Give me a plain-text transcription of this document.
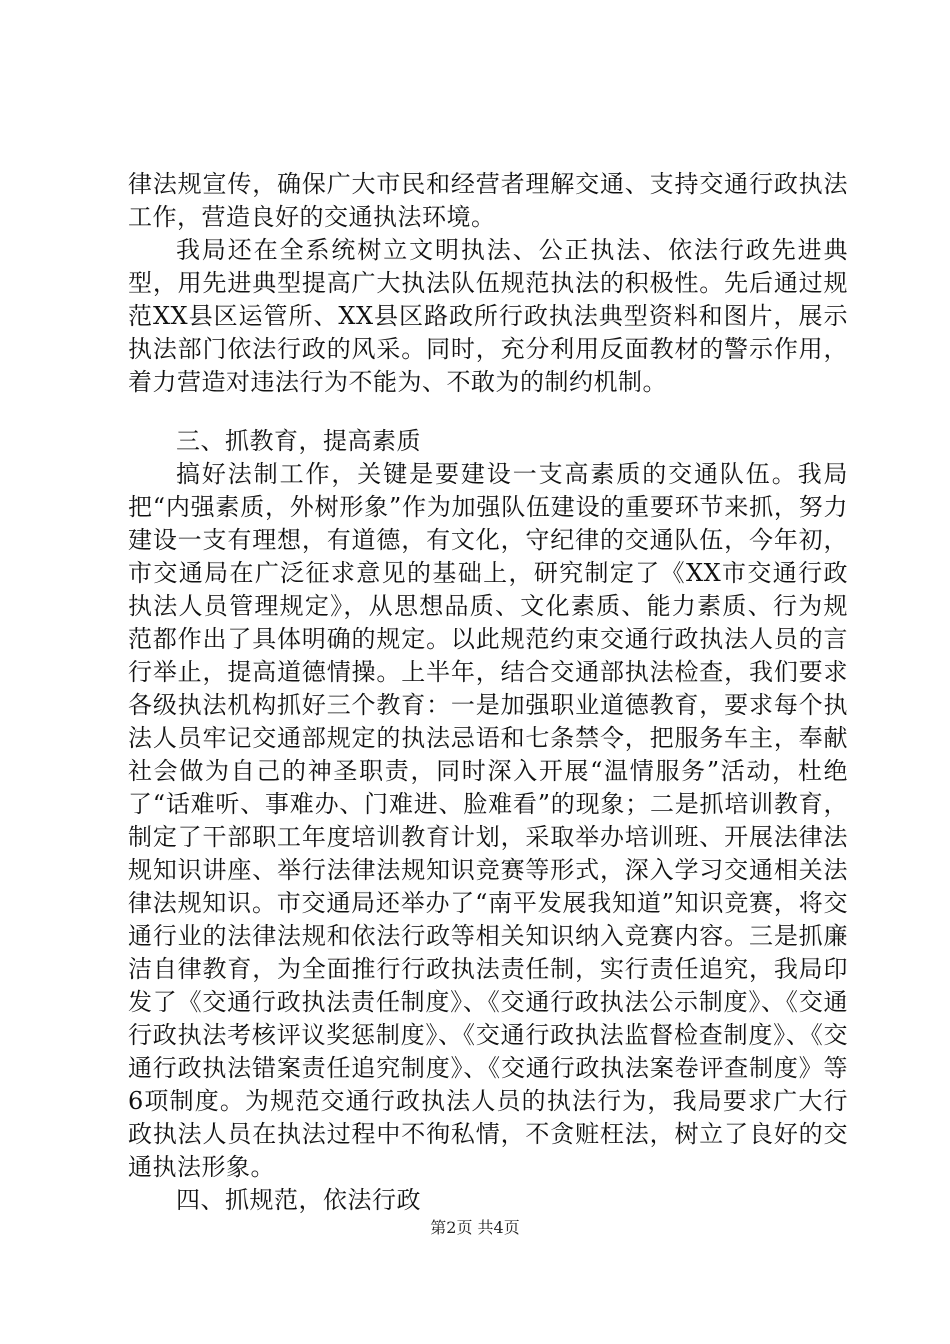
律法规宣传，确保广大市民和经营者理解交通、支持交通行政执法工作，营造良好的交通执法环境。

我局还在全系统树立文明执法、公正执法、依法行政先进典型，用先进典型提高广大执法队伍规范执法的积极性。先后通过规范XX县区运管所、XX县区路政所行政执法典型资料和图片，展示执法部门依法行政的风采。同时，充分利用反面教材的警示作用，着力营造对违法行为不能为、不敢为的制约机制。

三、抓教育，提高素质

搞好法制工作，关键是要建设一支高素质的交通队伍。我局把“内强素质，外树形象”作为加强队伍建设的重要环节来抓，努力建设一支有理想，有道德，有文化，守纪律的交通队伍，今年初，市交通局在广泛征求意见的基础上，研究制定了《XX市交通行政执法人员管理规定》，从思想品质、文化素质、能力素质、行为规范都作出了具体明确的规定。以此规范约束交通行政执法人员的言行举止，提高道德情操。上半年，结合交通部执法检查，我们要求各级执法机构抓好三个教育：一是加强职业道德教育，要求每个执法人员牢记交通部规定的执法忌语和七条禁令，把服务车主，奉献社会做为自己的神圣职责，同时深入开展“温情服务”活动，杜绝了“话难听、事难办、门难进、脸难看”的现象；二是抓培训教育，制定了干部职工年度培训教育计划，采取举办培训班、开展法律法规知识讲座、举行法律法规知识竞赛等形式，深入学习交通相关法律法规知识。市交通局还举办了“南平发展我知道”知识竞赛，将交通行业的法律法规和依法行政等相关知识纳入竞赛内容。三是抓廉洁自律教育，为全面推行行政执法责任制，实行责任追究，我局印发了《交通行政执法责任制度》、《交通行政执法公示制度》、《交通行政执法考核评议奖惩制度》、《交通行政执法监督检查制度》、《交通行政执法错案责任追究制度》、《交通行政执法案卷评查制度》等6项制度。为规范交通行政执法人员的执法行为，我局要求广大行政执法人员在执法过程中不徇私情，不贪赃枉法，树立了良好的交通执法形象。

四、抓规范，依法行政

第2页 共4页
